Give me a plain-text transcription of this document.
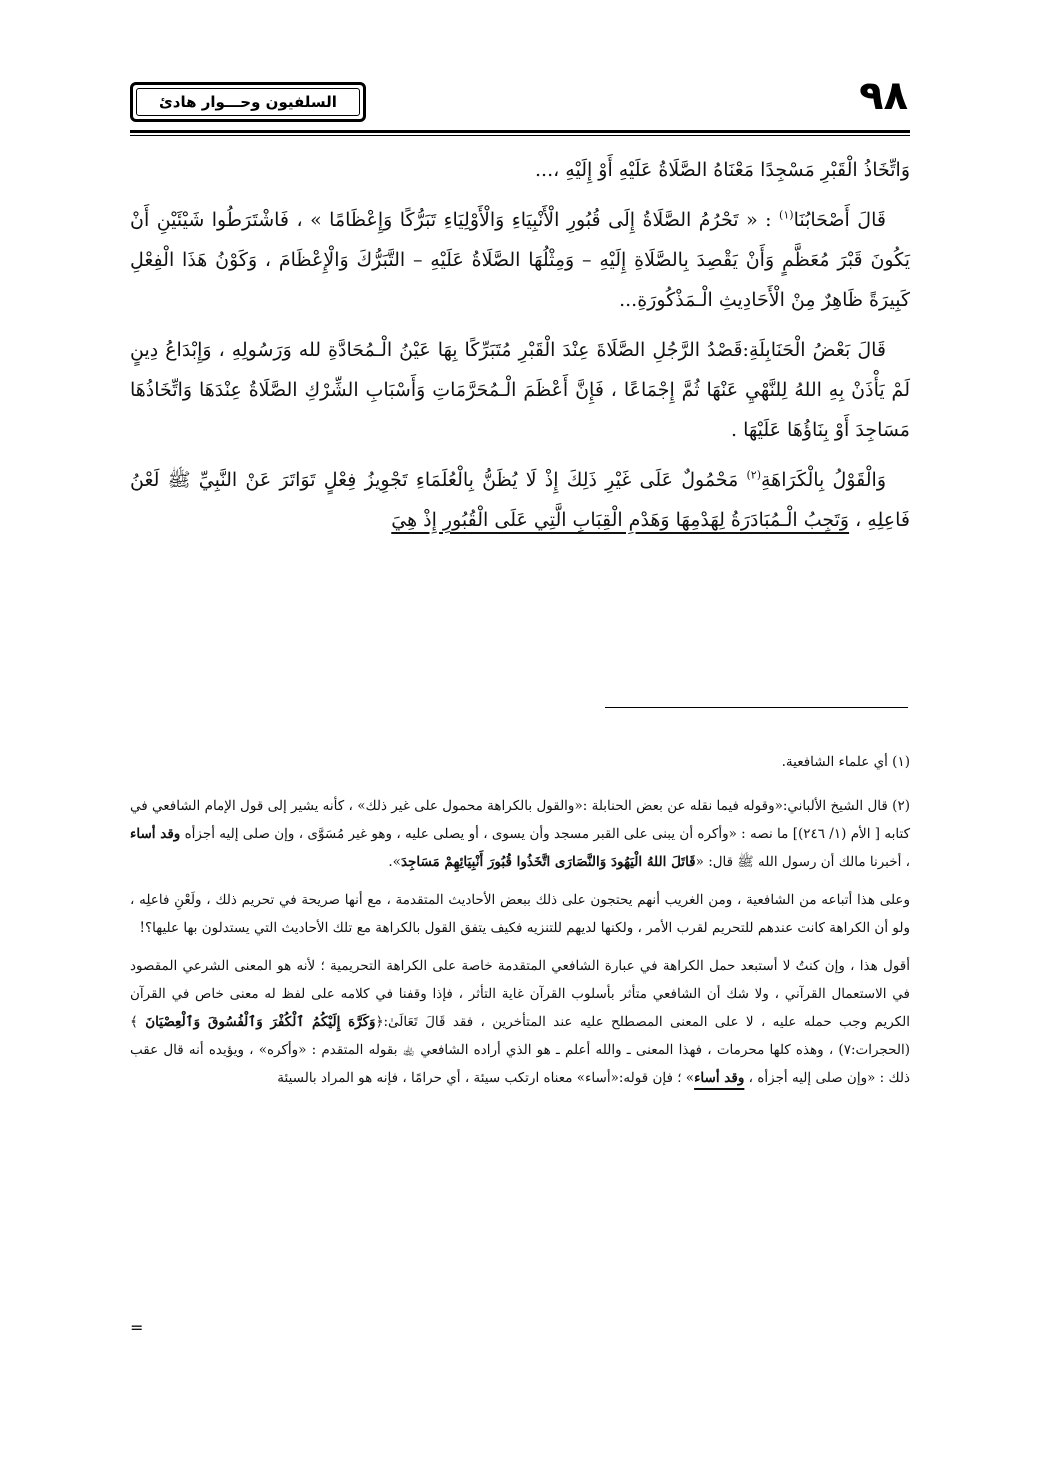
٩٨
السلفيون وحـــوار هادئ

وَاتِّخَاذُ الْقَبْرِ مَسْجِدًا مَعْنَاهُ الصَّلَاةُ عَلَيْهِ أَوْ إِلَيْهِ ،...

قَالَ أَصْحَابُنَا$^{(١)}$ : « تَحْرُمُ الصَّلَاةُ إِلَى قُبُورِ الْأَنْبِيَاءِ وَالْأَوْلِيَاءِ تَبَرُّكًا وَإِعْظَامًا » ، فَاشْتَرَطُوا شَيْئَيْنِ أَنْ يَكُونَ قَبْرَ مُعَظَّمٍ وَأَنْ يَقْصِدَ بِالصَّلَاةِ إِلَيْهِ – وَمِثْلُهَا الصَّلَاةُ عَلَيْهِ – التَّبَرُّكَ وَالْإِعْظَامَ ، وَكَوْنُ هَذَا الْفِعْلِ كَبِيرَةً ظَاهِرٌ مِنْ الْأَحَادِيثِ الْـمَذْكُورَةِ...

قَالَ بَعْضُ الْحَنَابِلَةِ:قَصْدُ الرَّجُلِ الصَّلَاةَ عِنْدَ الْقَبْرِ مُتَبَرِّكًا بِهَا عَيْنُ الْـمُحَادَّةِ لله وَرَسُولِهِ ، وَإِبْدَاعُ دِينٍ لَمْ يَأْذَنْ بِهِ اللهُ لِلنَّهْيِ عَنْهَا ثُمَّ إِجْمَاعًا ، فَإِنَّ أَعْظَمَ الْـمُحَرَّمَاتِ وَأَسْبَابِ الشِّرْكِ الصَّلَاةُ عِنْدَهَا وَاتِّخَاذُهَا مَسَاجِدَ أَوْ بِنَاؤُهَا عَلَيْهَا .

وَالْقَوْلُ بِالْكَرَاهَةِ$^{(٢)}$ مَحْمُولٌ عَلَى غَيْرِ ذَلِكَ إِذْ لَا يُظَنُّ بِالْعُلَمَاءِ تَجْوِيزُ فِعْلٍ تَوَاتَرَ عَنْ النَّبِيِّ ﷺ لَعْنُ فَاعِلِهِ ، وَتَجِبُ الْـمُبَادَرَةُ لِهَدْمِهَا وَهَدْمِ الْقِبَابِ الَّتِي عَلَى الْقُبُورِ إِذْ هِيَ

(١) أي علماء الشافعية.

(٢) قال الشيخ الألباني:«وقوله فيما نقله عن بعض الحنابلة :«والقول بالكراهة محمول على غير ذلك» ، كأنه يشير إلى قول الإمام الشافعي في كتابه [ الأم (١/ ٢٤٦)] ما نصه : «وأكره أن يبنى على القبر مسجد وأن يسوى ، أو يصلى عليه ، وهو غير مُسَوَّى ، وإن صلى إليه أجزأه وقد أساء ، أخبرنا مالك أن رسول الله ﷺ قال: «قَاتَلَ اللهُ الْيَهُودَ وَالنَّصَارَى اتَّخَذُوا قُبُورَ أَنْبِيَائِهِمْ مَسَاجِدَ».

وعلى هذا أتباعه من الشافعية ، ومن الغريب أنهم يحتجون على ذلك ببعض الأحاديث المتقدمة ، مع أنها صريحة في تحريم ذلك ، ولَعْنِ فاعلِه ، ولو أن الكراهة كانت عندهم للتحريم لقرب الأمر ، ولكنها لديهم للتنزيه فكيف يتفق القول بالكراهة مع تلك الأحاديث التي يستدلون بها عليها؟!

أقول هذا ، وإن كنتُ لا أستبعد حمل الكراهة في عبارة الشافعي المتقدمة خاصة على الكراهة التحريمية ؛ لأنه هو المعنى الشرعي المقصود في الاستعمال القرآني ، ولا شك أن الشافعي متأثر بأسلوب القرآن غاية التأثر ، فإذا وقفنا في كلامه على لفظ له معنى خاص في القرآن الكريم وجب حمله عليه ، لا على المعنى المصطلح عليه عند المتأخرين ، فقد قَالَ تَعَالَىٰ:﴿وَكَرَّهَ إِلَيْكُمُ ٱلْكُفْرَ وَٱلْفُسُوقَ وَٱلْعِصْيَانَ ﴾ (الحجرات:٧) ، وهذه كلها محرمات ، فهذا المعنى ـ والله أعلم ـ هو الذي أراده الشافعي ﵀ بقوله المتقدم : «وأكره» ، ويؤيده أنه قال عقب ذلك : «وإن صلى إليه أجزأه ، وقد أساء» ؛ فإن قوله:«أساء» معناه ارتكب سيئة ، أي حرامًا ، فإنه هو المراد بالسيئة

=
